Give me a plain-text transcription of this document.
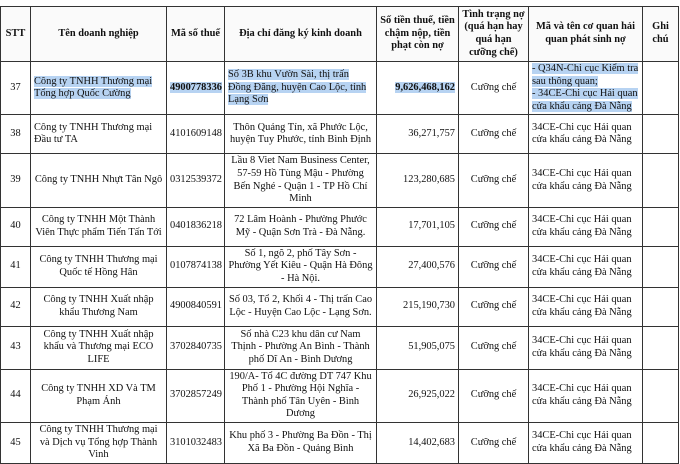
STT	Tên doanh nghiệp	Mã số thuế	Địa chỉ đăng ký kinh doanh	Số tiền thuế, tiền chậm nộp, tiền phạt còn nợ	Tình trạng nợ (quá hạn hay quá hạn cưỡng chế)	Mã và tên cơ quan hải quan phát sinh nợ	Ghi chú
37	Công ty TNHH Thương mại Tổng hợp Quốc Cường	4900778336	Số 3B khu Vườn Sài, thị trấn Đồng Đăng, huyện Cao Lộc, tỉnh Lạng Sơn	9,626,468,162	Cưỡng chế	- Q34N-Chi cục Kiểm tra sau thông quan;
- 34CE-Chi cục Hải quan cửa khẩu cảng Đà Nẵng	
38	Công ty TNHH Thương mại Đầu tư TA	4101609148	Thôn Quảng Tín, xã Phước Lộc, huyện Tuy Phước, tỉnh Bình Định	36,271,757	Cưỡng chế	34CE-Chi cục Hải quan cửa khẩu cảng Đà Nẵng	
39	Công ty TNHH Nhựt Tân Ngô	0312539372	Lầu 8 Viet Nam Business Center, 57-59 Hồ Tùng Mậu - Phường Bến Nghé - Quận 1 - TP Hồ Chí Minh	123,280,685	Cưỡng chế	34CE-Chi cục Hải quan cửa khẩu cảng Đà Nẵng	
40	Công ty TNHH Một Thành Viên Thực phẩm Tiến Tấn Tới	0401836218	72 Lâm Hoành - Phường Phước Mỹ - Quận Sơn Trà - Đà Nẵng.	17,701,105	Cưỡng chế	34CE-Chi cục Hải quan cửa khẩu cảng Đà Nẵng	
41	Công ty TNHH Thương mại Quốc tế Hồng Hân	0107874138	Số 1, ngõ 2, phố Tây Sơn - Phường Yết Kiêu - Quận Hà Đông - Hà Nội.	27,400,576	Cưỡng chế	34CE-Chi cục Hải quan cửa khẩu cảng Đà Nẵng	
42	Công ty TNHH Xuất nhập khẩu Thương Nam	4900840591	Số 03, Tổ 2, Khối 4 - Thị trấn Cao Lộc - Huyện Cao Lộc - Lạng Sơn.	215,190,730	Cưỡng chế	34CE-Chi cục Hải quan cửa khẩu cảng Đà Nẵng	
43	Công ty TNHH Xuất nhập khẩu và Thương mại ECO LIFE	3702840735	Số nhà C23 khu dân cư Nam Thịnh - Phường An Bình - Thành phố Dĩ An - Bình Dương	51,905,075	Cưỡng chế	34CE-Chi cục Hải quan cửa khẩu cảng Đà Nẵng	
44	Công ty TNHH XD Và TM Phạm Ánh	3702857249	190/A- Tổ 4C đường DT 747 Khu Phố 1 - Phường Hội Nghĩa - Thành phố Tân Uyên - Bình Dương	26,925,022	Cưỡng chế	34CE-Chi cục Hải quan cửa khẩu cảng Đà Nẵng	
45	Công ty TNHH Thương mại và Dịch vụ Tổng hợp Thành Vinh	3101032483	Khu phố 3 - Phường Ba Đồn - Thị Xã Ba Đồn - Quảng Bình	14,402,683	Cưỡng chế	34CE-Chi cục Hải quan cửa khẩu cảng Đà Nẵng	
